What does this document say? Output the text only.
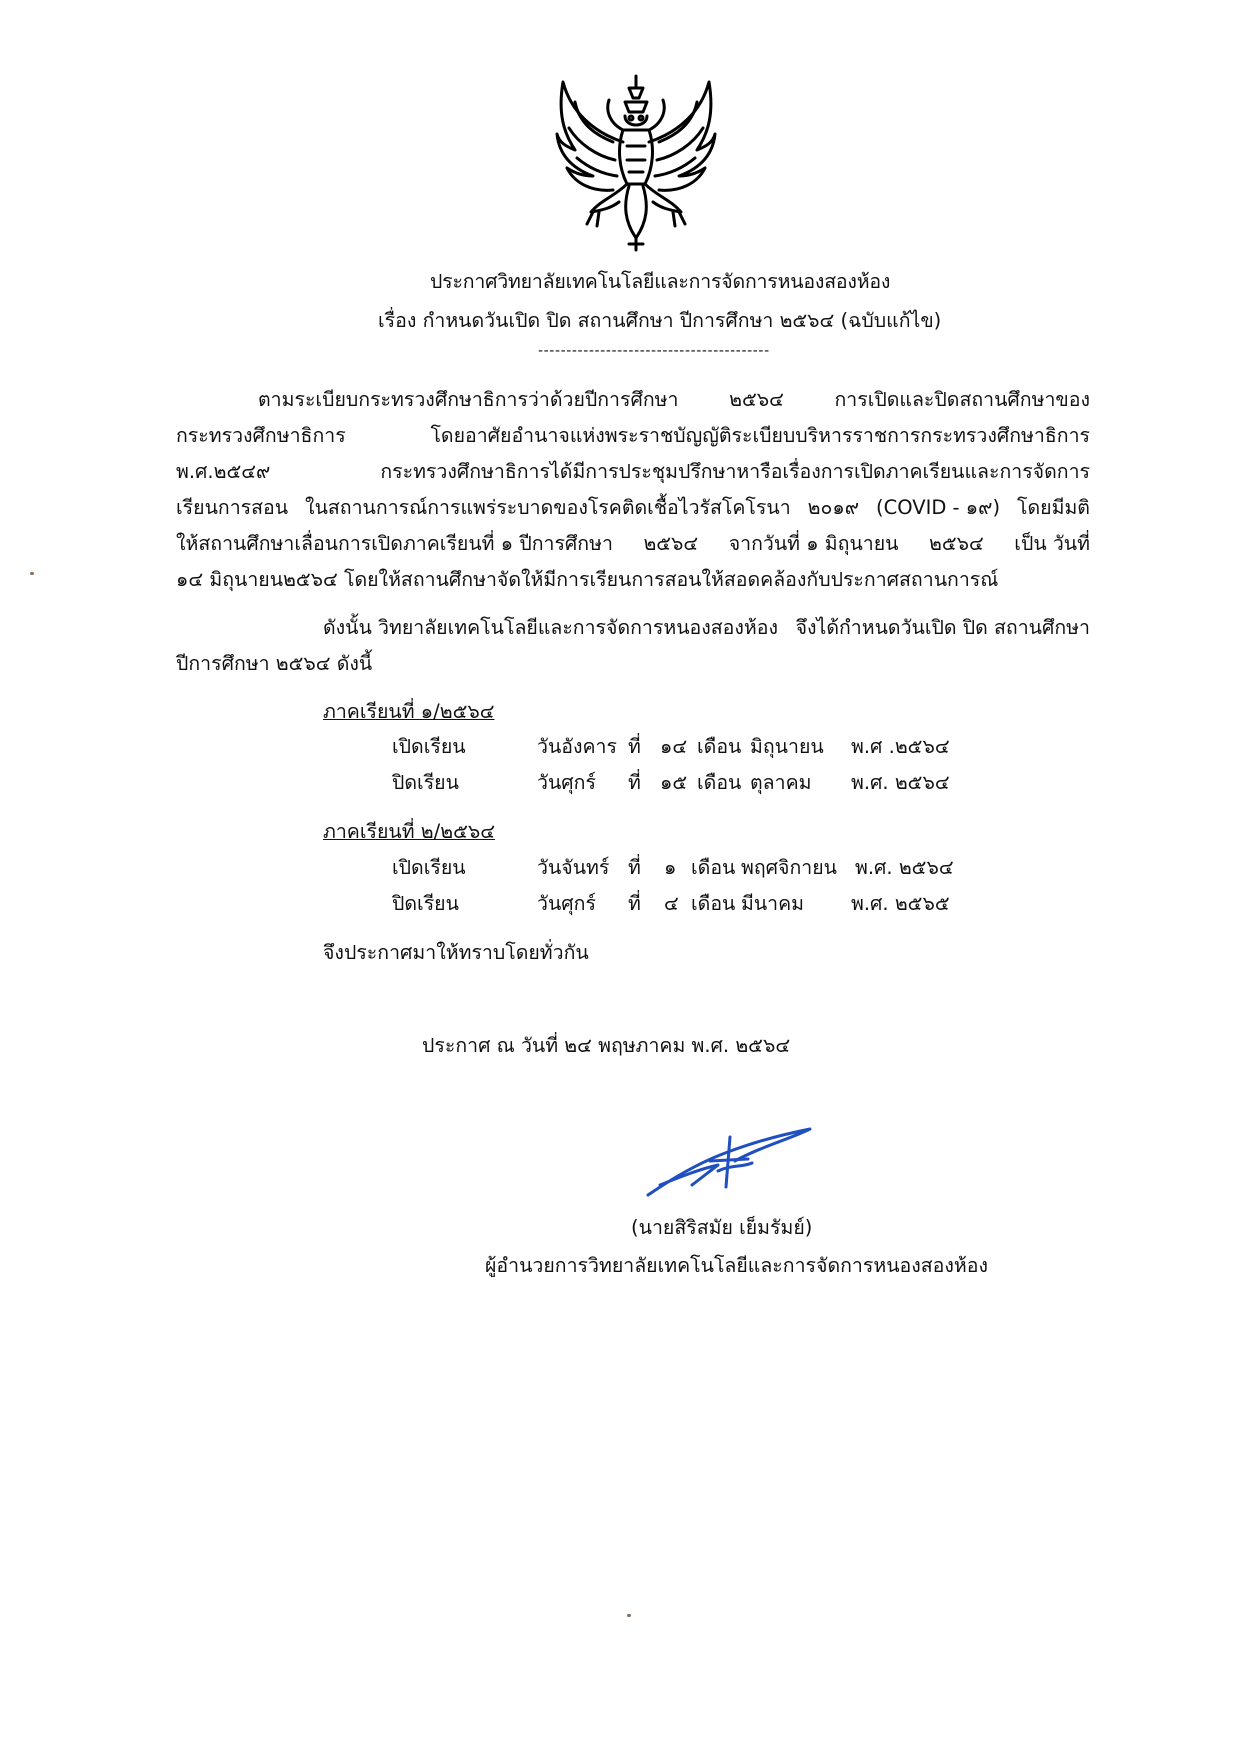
ประกาศวิทยาลัยเทคโนโลยีและการจัดการหนองสองห้อง
เรื่อง กำหนดวันเปิด ปิด สถานศึกษา ปีการศึกษา ๒๕๖๔ (ฉบับแก้ไข)
-----------------------------------------
ตามระเบียบกระทรวงศึกษาธิการว่าด้วยปีการศึกษา	๒๕๖๔	การเปิดและปิดสถานศึกษาของ
กระทรวงศึกษาธิการ	โดยอาศัยอำนาจแห่งพระราชบัญญัติระเบียบบริหารราชการกระทรวงศึกษาธิการ
พ.ศ.๒๕๔๙	กระทรวงศึกษาธิการได้มีการประชุมปรึกษาหารือเรื่องการเปิดภาคเรียนและการจัดการ
เรียนการสอน ในสถานการณ์การแพร่ระบาดของโรคติดเชื้อไวรัสโคโรนา ๒๐๑๙ (COVID - ๑๙) โดยมีมติ
ให้สถานศึกษาเลื่อนการเปิดภาคเรียนที่ ๑ ปีการศึกษา ๒๕๖๔ จากวันที่ ๑ มิถุนายน ๒๕๖๔ เป็น วันที่
๑๔ มิถุนายน๒๕๖๔ โดยให้สถานศึกษาจัดให้มีการเรียนการสอนให้สอดคล้องกับประกาศสถานการณ์
ดังนั้น วิทยาลัยเทคโนโลยีและการจัดการหนองสองห้อง จึงได้กำหนดวันเปิด ปิด สถานศึกษา
ปีการศึกษา ๒๕๖๔ ดังนี้
ภาคเรียนที่ ๑/๒๕๖๔
เปิดเรียน	วันอังคาร ที่ ๑๔ เดือน มิถุนายน พ.ศ .๒๕๖๔
ปิดเรียน	วันศุกร์ ที่ ๑๕ เดือน ตุลาคม พ.ศ. ๒๕๖๔
ภาคเรียนที่ ๒/๒๕๖๔
เปิดเรียน	วันจันทร์ ที่ ๑ เดือน พฤศจิกายน พ.ศ. ๒๕๖๔
ปิดเรียน	วันศุกร์ ที่ ๔ เดือน มีนาคม พ.ศ. ๒๕๖๕
จึงประกาศมาให้ทราบโดยทั่วกัน
ประกาศ ณ วันที่ ๒๔ พฤษภาคม พ.ศ. ๒๕๖๔
(นายสิริสมัย เย็มรัมย์)
ผู้อำนวยการวิทยาลัยเทคโนโลยีและการจัดการหนองสองห้อง
